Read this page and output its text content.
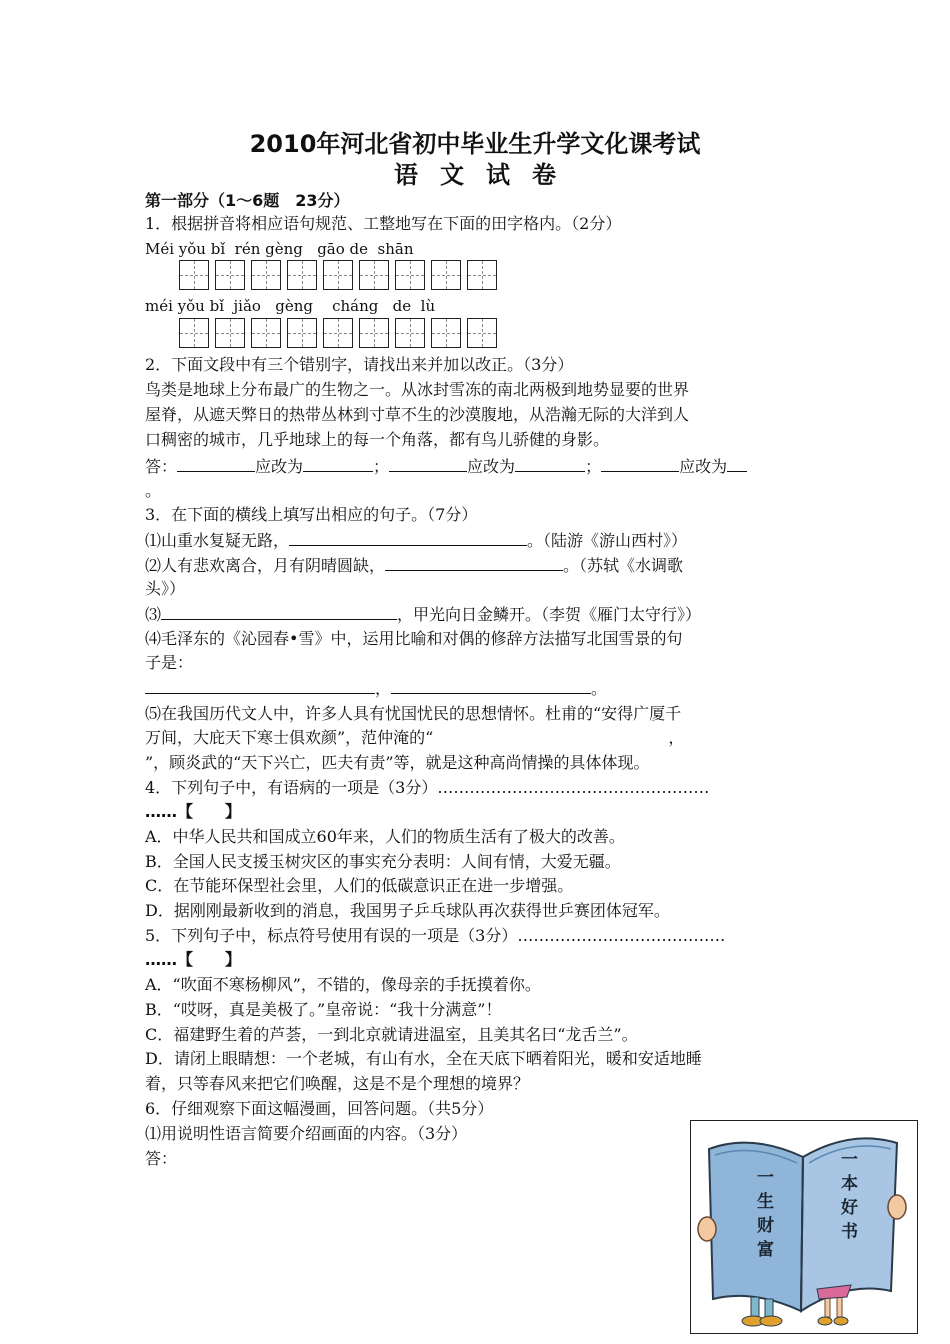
2010年河北省初中毕业生升学文化课考试
语文试卷
第一部分（1～6题　23分）
1．根据拼音将相应语句规范、工整地写在下面的田字格内。（2分）
Méi yǒu bǐ  rén gèng   gāo de  shān
méi yǒu bǐ  jiǎo   gèng    cháng   de  lù
2．下面文段中有三个错别字，请找出来并加以改正。（3分）
鸟类是地球上分布最广的生物之一。从冰封雪冻的南北两极到地势显要的世界
屋脊，从遮天弊日的热带丛林到寸草不生的沙漠腹地，从浩瀚无际的大洋到人
口稠密的城市，几乎地球上的每一个角落，都有鸟儿骄健的身影。
答：	应改为	；	应改为	；	应改为
。
3．在下面的横线上填写出相应的句子。（7分）
⑴山重水复疑无路，	。（陆游《游山西村》）
⑵人有悲欢离合，月有阴晴圆缺，	。（苏轼《水调歌
头》）
⑶	，甲光向日金鳞开。（李贺《雁门太守行》）
⑷毛泽东的《沁园春•雪》中，运用比喻和对偶的修辞方法描写北国雪景的句
子是：
，	。
⑸在我国历代文人中，许多人具有忧国忧民的思想情怀。杜甫的“安得广厦千
万间，大庇天下寒士俱欢颜”，范仲淹的“	，
”，顾炎武的“天下兴亡，匹夫有责”等，就是这种高尚情操的具体体现。
4．下列句子中，有语病的一项是（3分）……………………………………………
……【　　】
A．中华人民共和国成立60年来，人们的物质生活有了极大的改善。
B．全国人民支援玉树灾区的事实充分表明：人间有情，大爱无疆。
C．在节能环保型社会里，人们的低碳意识正在进一步增强。
D．据刚刚最新收到的消息，我国男子乒乓球队再次获得世乒赛团体冠军。
5．下列句子中，标点符号使用有误的一项是（3分）…………………………………
……【　　】
A．“吹面不寒杨柳风”，不错的，像母亲的手抚摸着你。
B．“哎呀，真是美极了。”皇帝说：“我十分满意”！
C．福建野生着的芦荟，一到北京就请进温室，且美其名曰“龙舌兰”。
D．请闭上眼睛想：一个老城，有山有水，全在天底下晒着阳光，暖和安适地睡
着，只等春风来把它们唤醒，这是不是个理想的境界？
6．仔细观察下面这幅漫画，回答问题。（共5分）
⑴用说明性语言简要介绍画面的内容。（3分）
答：
一生财富
一本好书
